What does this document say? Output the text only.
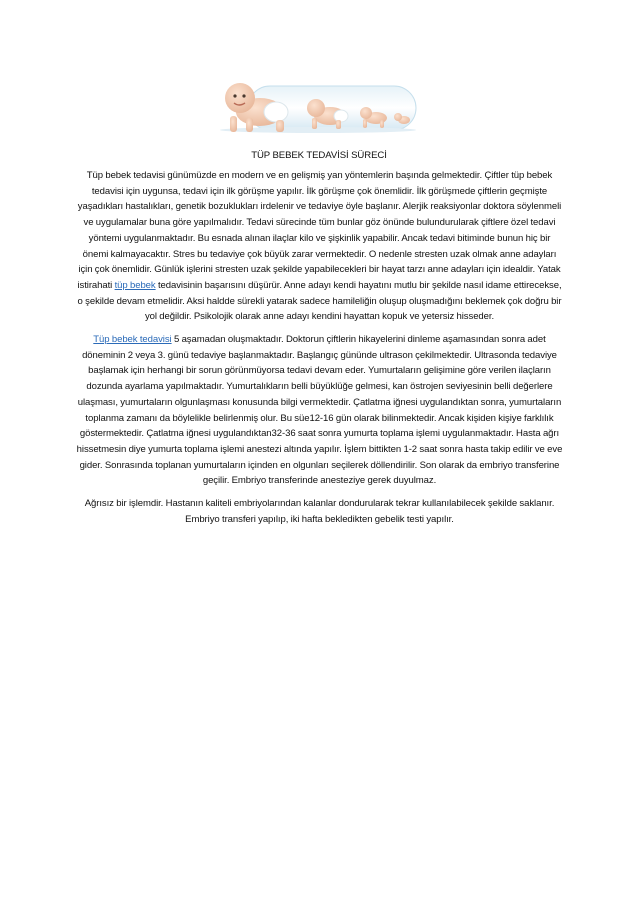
TÜP BEBEK TEDAVİSİ SÜRECİ

Tüp bebek tedavisi günümüzde en modern ve en gelişmiş yan yöntemlerin başında gelmektedir. Çiftler tüp bebek tedavisi için uygunsa, tedavi için ilk görüşme yapılır. İlk görüşme çok önemlidir. İlk görüşmede çiftlerin geçmişte yaşadıkları hastalıkları, genetik bozuklukları irdelenir ve tedaviye öyle başlanır. Alerjik reaksiyonlar doktora söylenmeli ve uygulamalar buna göre yapılmalıdır. Tedavi sürecinde tüm bunlar göz önünde bulundurularak çiftlere özel tedavi yöntemi uygulanmaktadır. Bu esnada alınan ilaçlar kilo ve şişkinlik yapabilir. Ancak tedavi bitiminde bunun hiç bir önemi kalmayacaktır. Stres bu tedaviye çok büyük zarar vermektedir. O nedenle stresten uzak olmak anne adayları için çok önemlidir. Günlük işlerini stresten uzak şekilde yapabilecekleri bir hayat tarzı anne adayları için idealdir. Yatak istirahati tüp bebek tedavisinin başarısını düşürür. Anne adayı kendi hayatını mutlu bir şekilde nasıl idame ettirecekse, o şekilde devam etmelidir. Aksi haldde sürekli yatarak sadece hamileliğin oluşup oluşmadığını beklemek çok doğru bir yol değildir. Psikolojik olarak anne adayı kendini hayattan kopuk ve yetersiz hisseder.

Tüp bebek tedavisi 5 aşamadan oluşmaktadır. Doktorun çiftlerin hikayelerini dinleme aşamasından sonra adet döneminin 2 veya 3. günü tedaviye başlanmaktadır. Başlangıç gününde ultrason çekilmektedir. Ultrasonda tedaviye başlamak için herhangi bir sorun görünmüyorsa tedavi devam eder. Yumurtaların gelişimine göre verilen ilaçların dozunda ayarlama yapılmaktadır. Yumurtalıkların belli büyüklüğe gelmesi, kan östrojen seviyesinin belli değerlere ulaşması, yumurtaların olgunlaşması konusunda bilgi vermektedir. Çatlatma iğnesi uygulandıktan sonra, yumurtaların toplanma zamanı da böylelikle belirlenmiş olur. Bu süe12-16 gün olarak bilinmektedir. Ancak kişiden kişiye farklılık göstermektedir. Çatlatma iğnesi uygulandıktan32-36 saat sonra yumurta toplama işlemi uygulanmaktadır. Hasta ağrı hissetmesin diye yumurta toplama işlemi anestezi altında yapılır. İşlem bittikten 1-2 saat sonra hasta takip edilir ve eve gider. Sonrasında toplanan yumurtaların içinden en olgunları seçilerek döllendirilir. Son olarak da embriyo transferine geçilir. Embriyo transferinde anesteziye gerek duyulmaz.

Ağrısız bir işlemdir. Hastanın kaliteli embriyolarından kalanlar dondurularak tekrar kullanılabilecek şekilde saklanır. Embriyo transferi yapılıp, iki hafta bekledikten gebelik testi yapılır.
